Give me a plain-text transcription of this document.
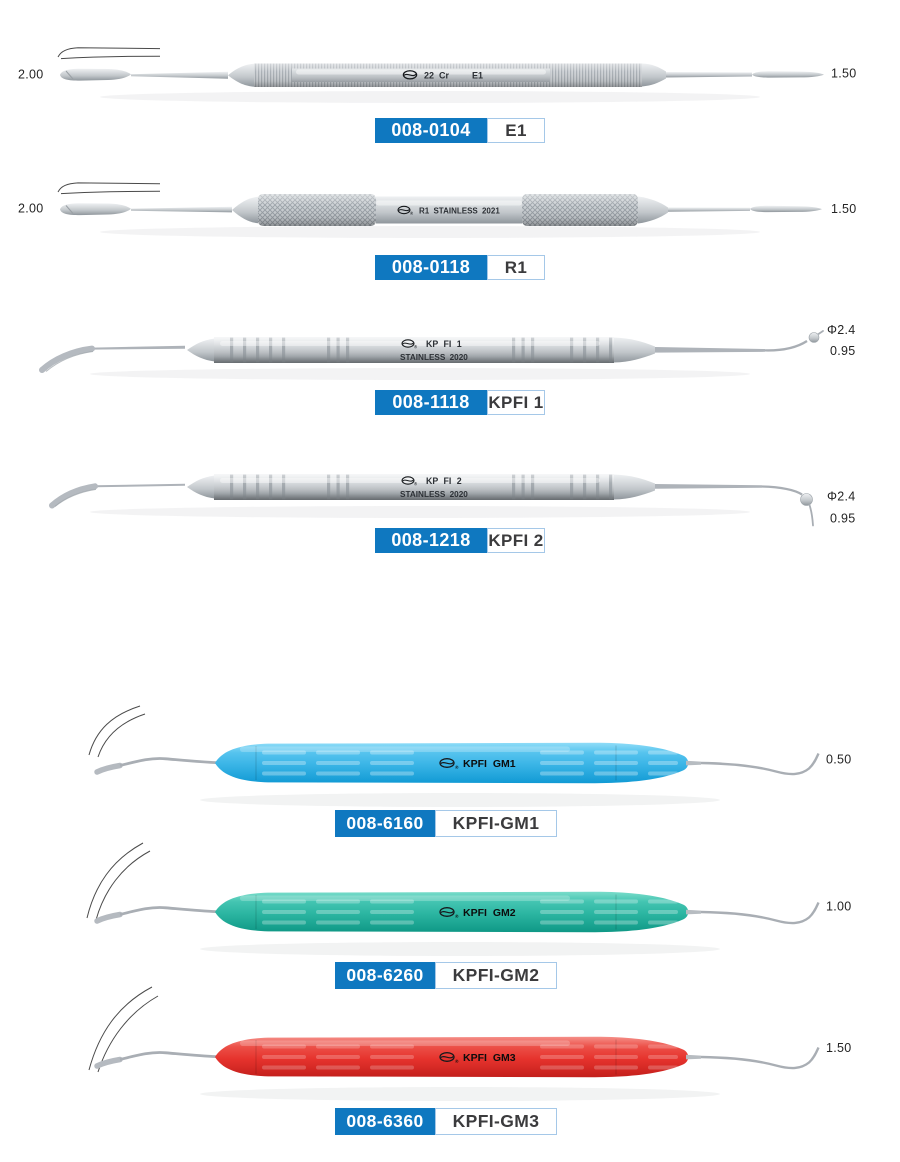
22 Cr	E1
2.00	1.50
® R1 STAINLESS 2021
2.00	1.50
® KP FI 1
STAINLESS 2020
Φ2.4
0.95
® KP FI 2
STAINLESS 2020	Φ2.4
0.95
® KPFI GM1	0.50
® KPFI GM2	1.00
® KPFI GM3
1.50
008-0104	E1
008-0118	R1
008-1118	KPFI 1
008-1218	KPFI 2
008-6160	KPFI-GM1
008-6260	KPFI-GM2
008-6360	KPFI-GM3
